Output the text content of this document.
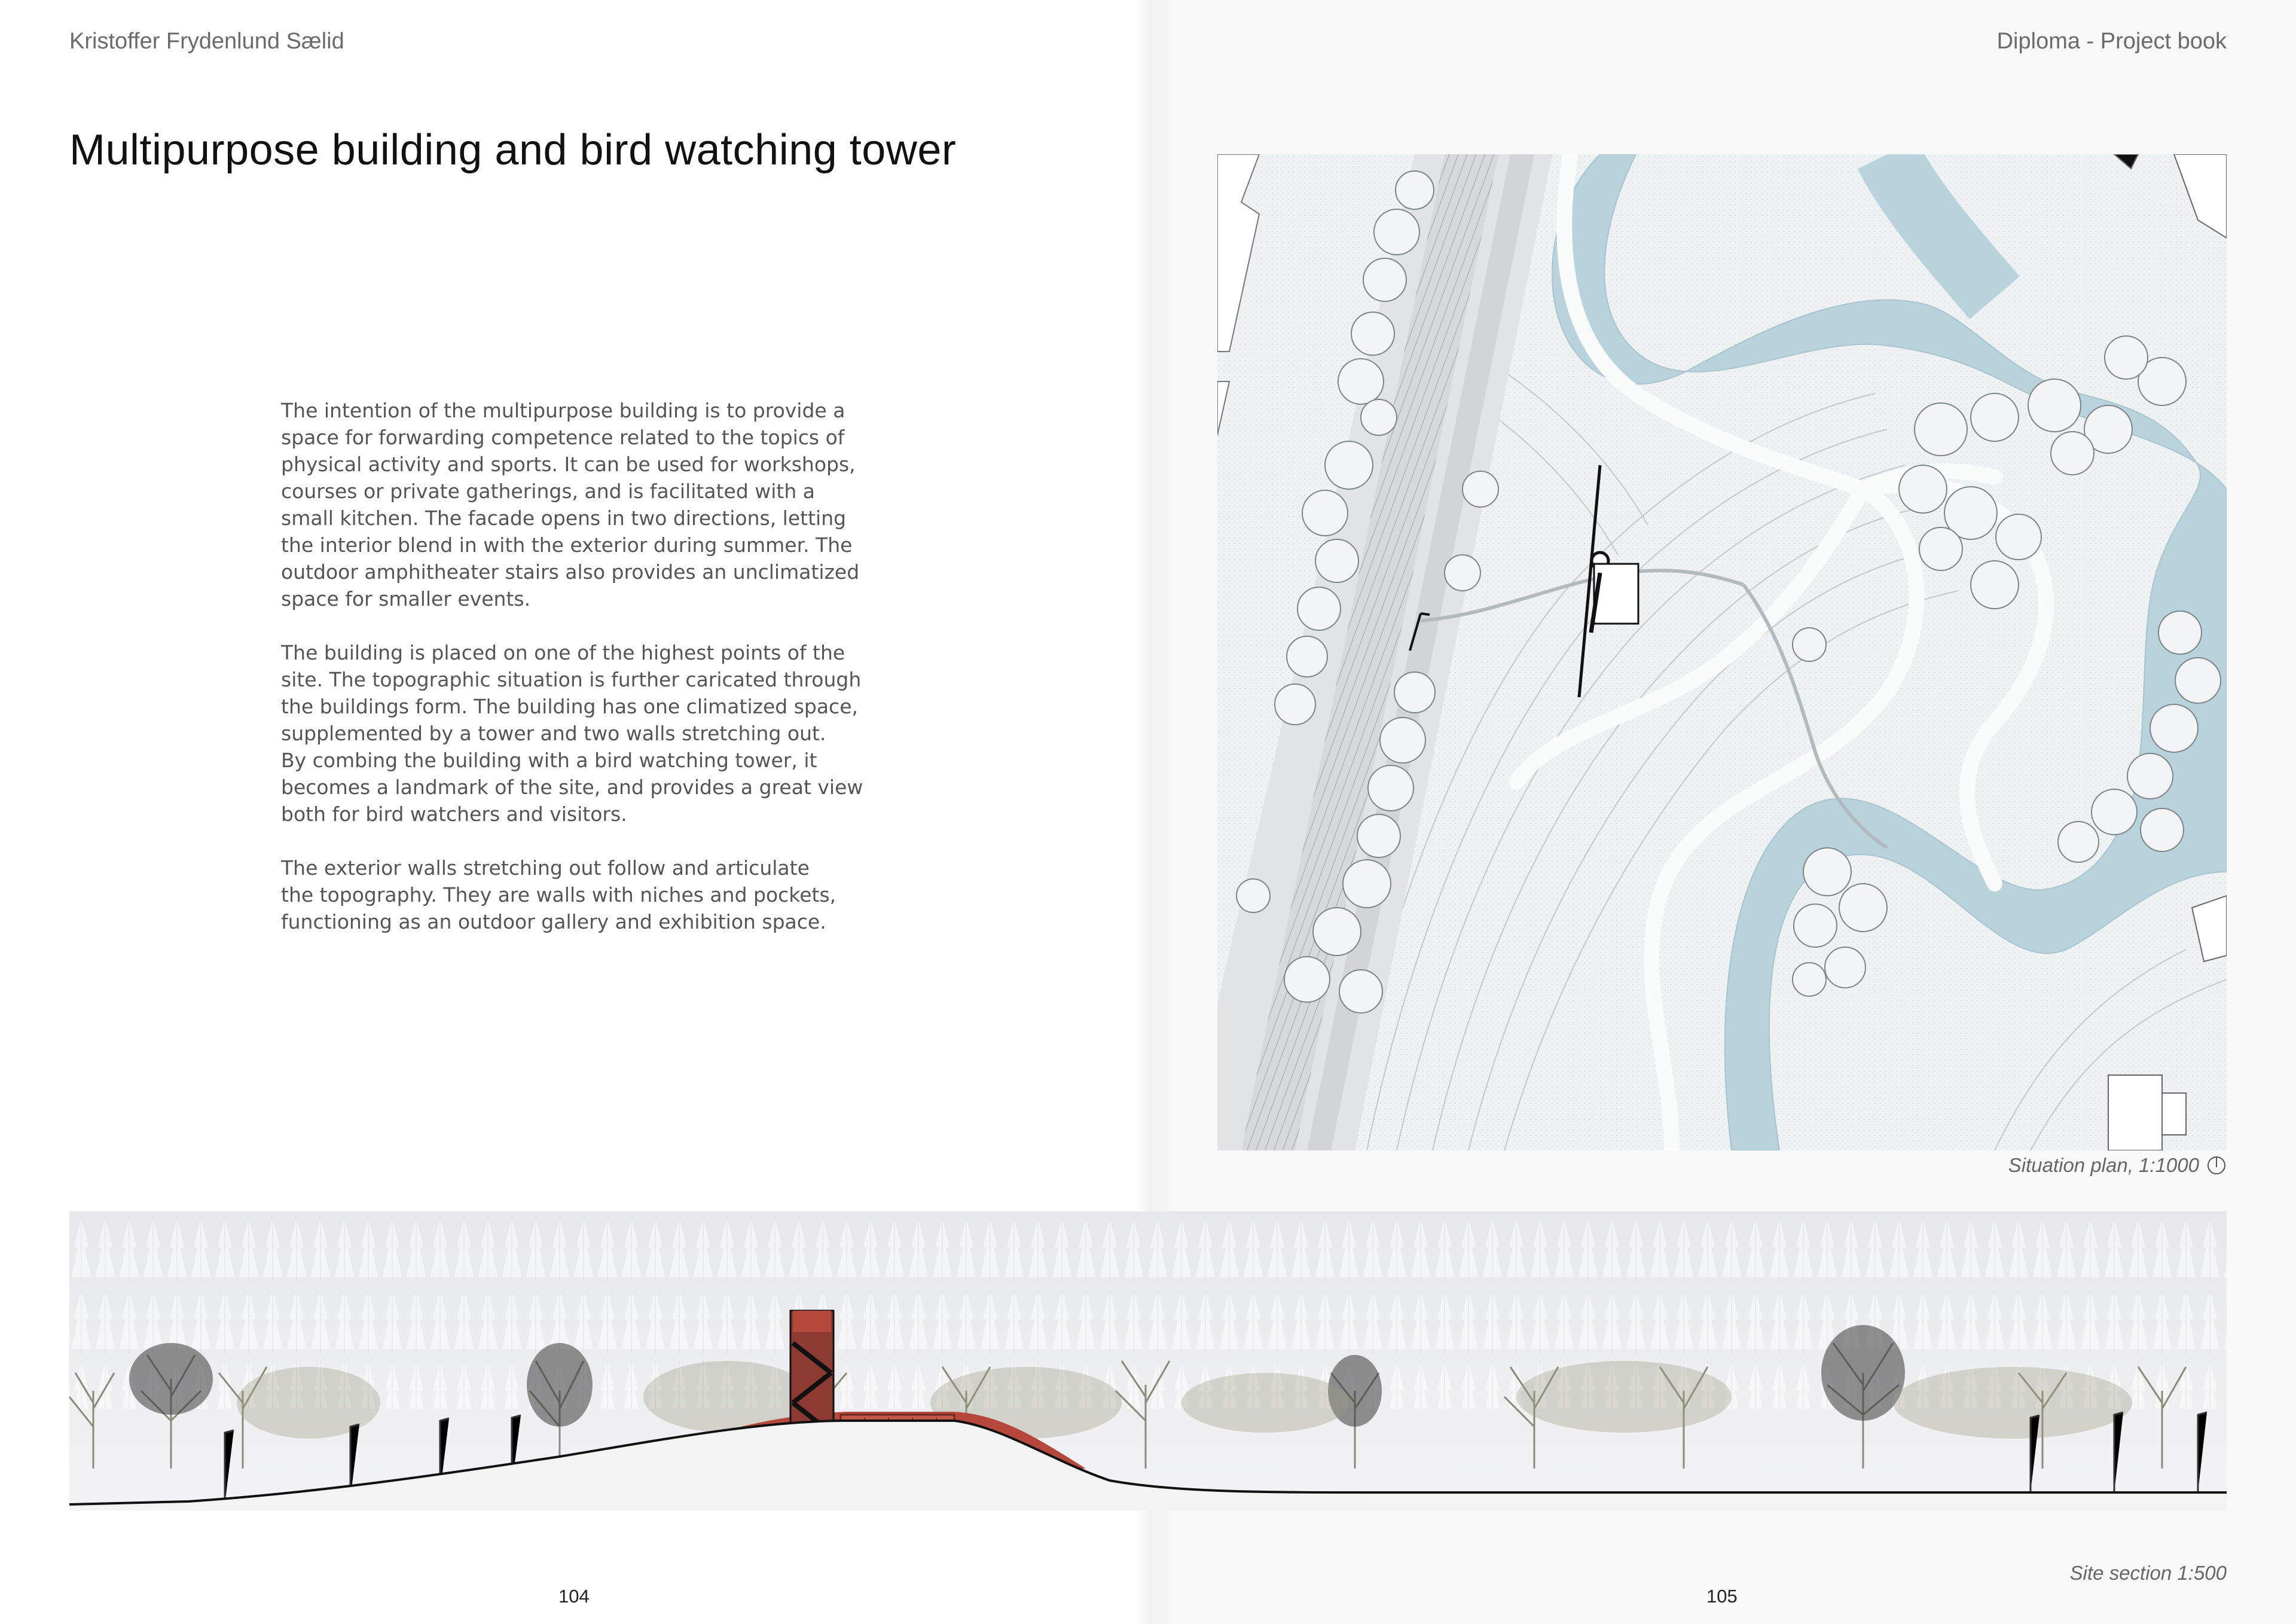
Kristoffer Frydenlund Sælid	Diploma - Project book
Multipurpose building and bird watching tower

The intention of the multipurpose building is to provide a
space for forwarding competence related to the topics of
physical activity and sports. It can be used for workshops,
courses or private gatherings, and is facilitated with a
small kitchen. The facade opens in two directions, letting
the interior blend in with the exterior during summer. The
outdoor amphitheater stairs also provides an unclimatized
space for smaller events.

The building is placed on one of the highest points of the
site. The topographic situation is further caricated through
the buildings form. The building has one climatized space,
supplemented by a tower and two walls stretching out.
By combing the building with a bird watching tower, it
becomes a landmark of the site, and provides a great view
both for bird watchers and visitors.

The exterior walls stretching out follow and articulate
the topography. They are walls with niches and pockets,
functioning as an outdoor gallery and exhibition space.

Situation plan, 1:1000
Site section 1:500
104	105
